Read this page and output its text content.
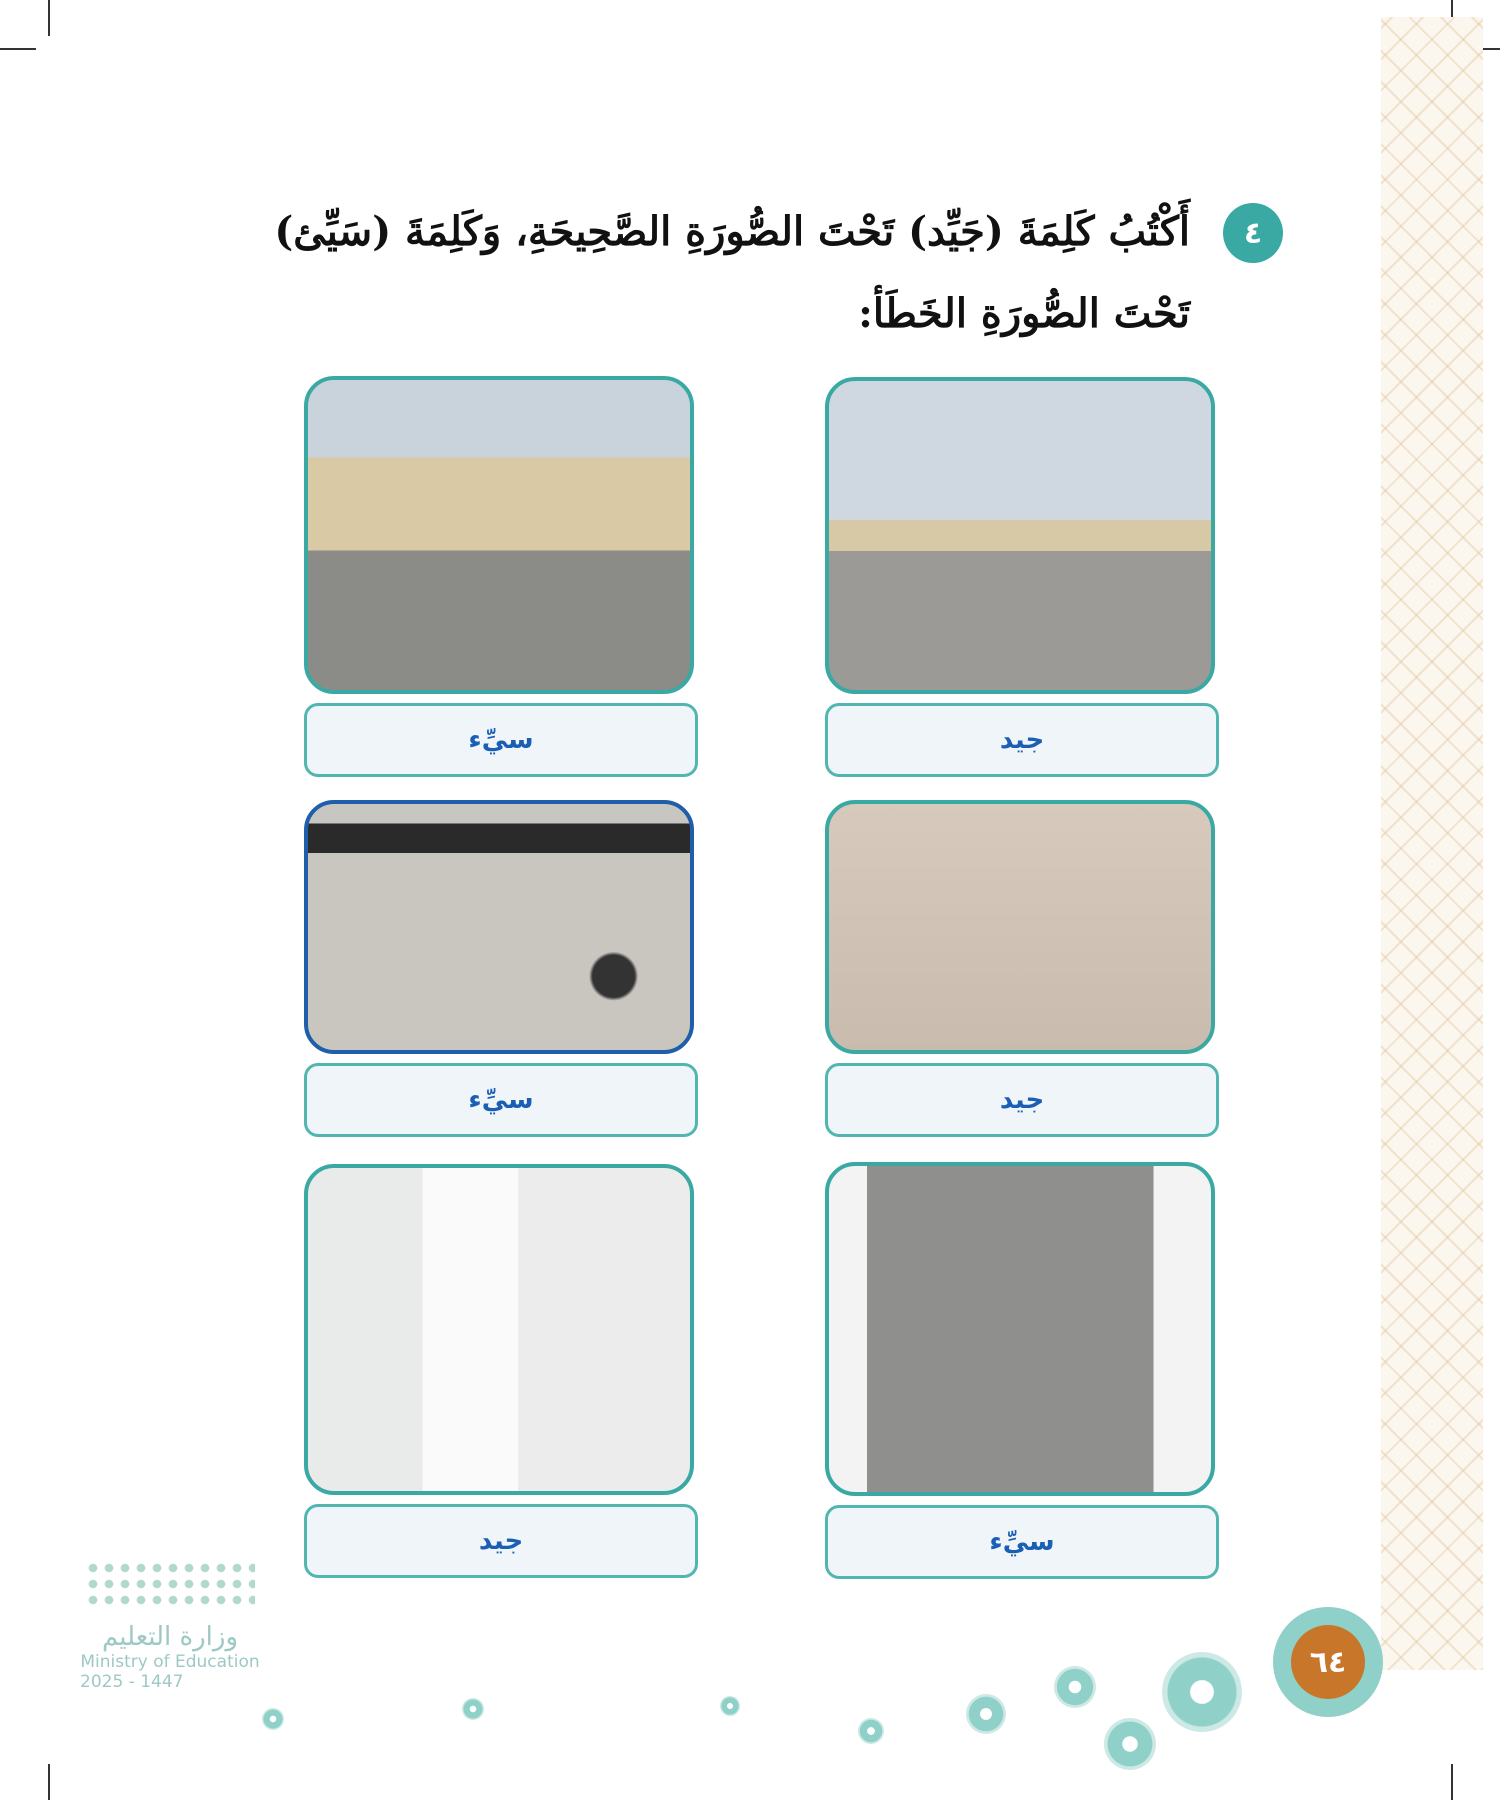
٤
أَكْتُبُ كَلِمَةَ (جَيِّد) تَحْتَ الصُّورَةِ الصَّحِيحَةِ، وَكَلِمَةَ (سَيِّئ)
تَحْتَ الصُّورَةِ الخَطَأ:
جيد
سيِّء
جيد
سيِّء
سيِّء
جيد
وزارة التعليم
Ministry of Education
2025 - 1447
٦٤
